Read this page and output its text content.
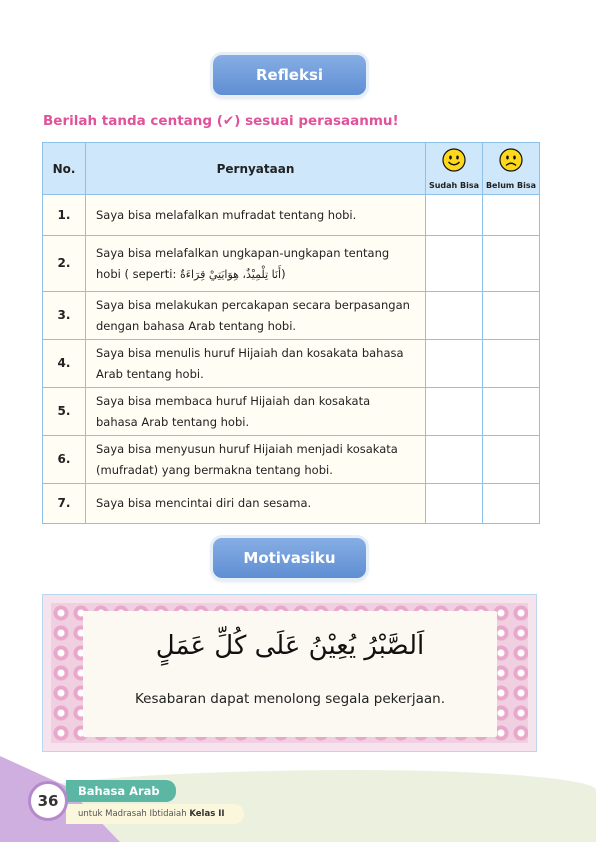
Refleksi
Berilah tanda centang (✔) sesuai perasaanmu!
No.	Pernyataan	Sudah Bisa	Belum Bisa
1.	Saya bisa melafalkan mufradat tentang hobi.		
2.	Saya bisa melafalkan ungkapan-ungkapan tentang hobi ( seperti: أَنَا تِلْمِيْذٌ، هِوَايَتِيْ قِرَاءَةٌ)		
3.	Saya bisa melakukan percakapan secara berpasangan dengan bahasa Arab tentang hobi.		
4.	Saya bisa menulis huruf Hijaiah dan kosakata bahasa Arab tentang hobi.		
5.	Saya bisa membaca huruf Hijaiah dan kosakata bahasa Arab tentang hobi.		
6.	Saya bisa menyusun huruf Hijaiah menjadi kosakata (mufradat) yang bermakna tentang hobi.		
7.	Saya bisa mencintai diri dan sesama.		
Motivasiku
اَلصَّبْرُ يُعِيْنُ عَلَى كُلِّ عَمَلٍ
Kesabaran dapat menolong segala pekerjaan.
Bahasa Arab
untuk Madrasah Ibtidaiah Kelas II
36
